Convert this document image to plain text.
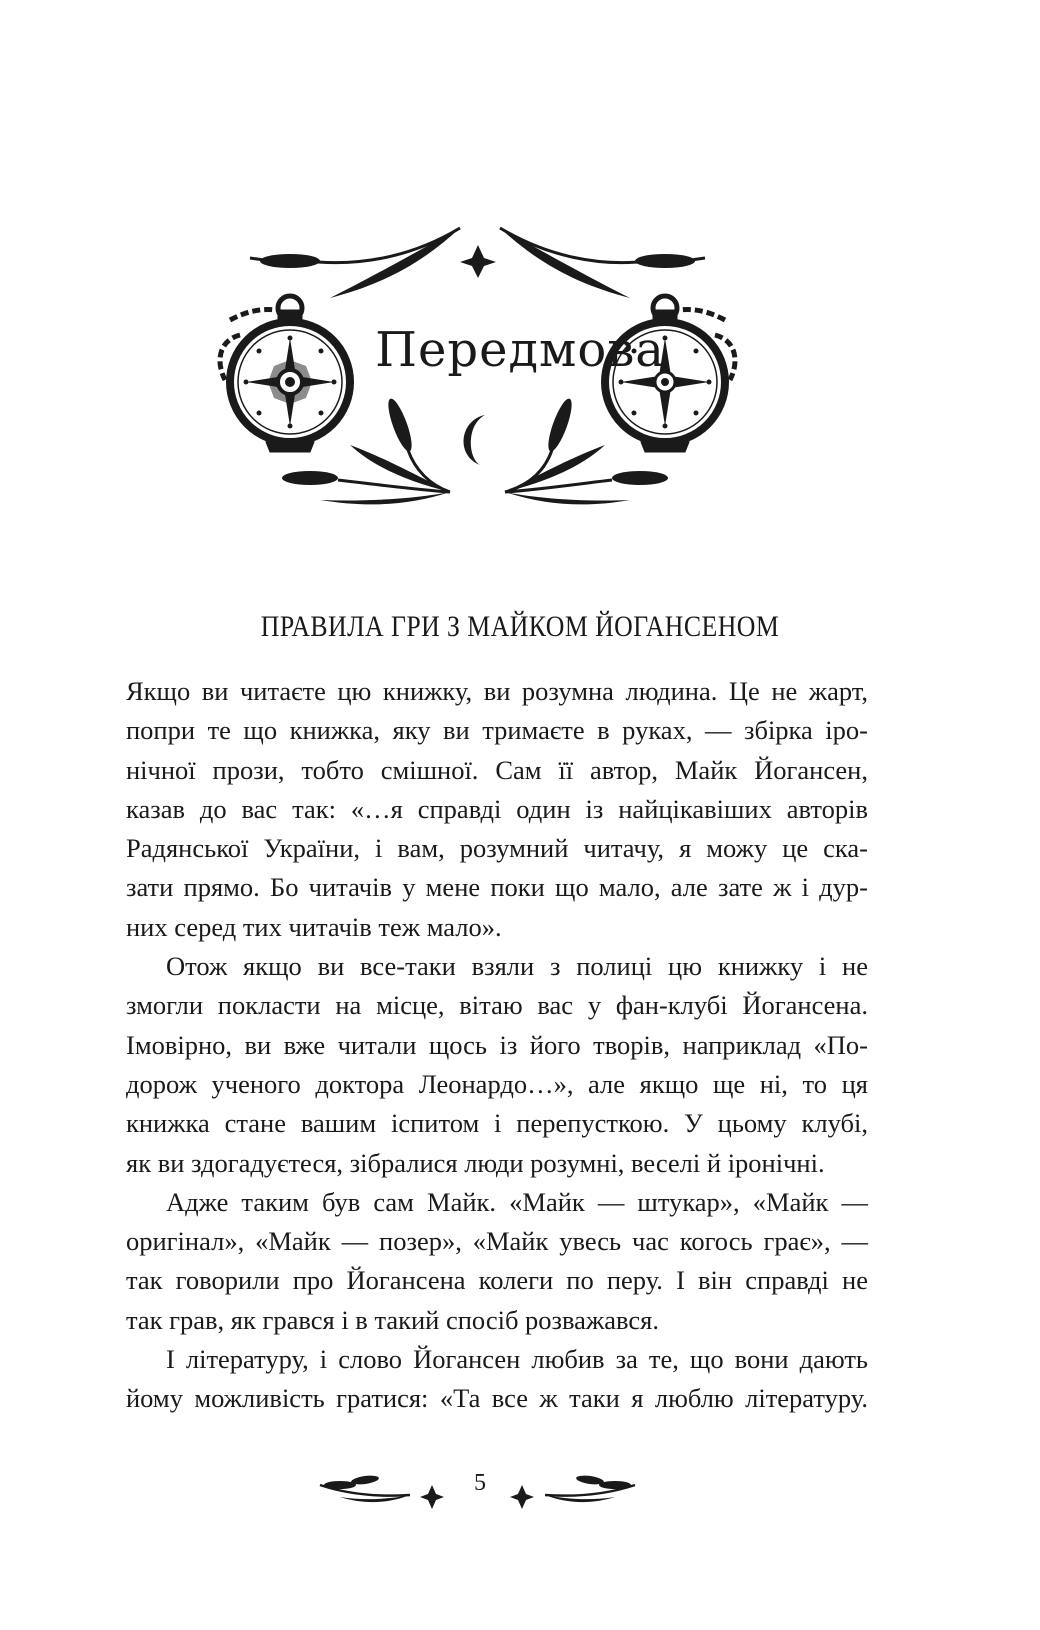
Передмова
ПРАВИЛА ГРИ З МАЙКОМ ЙОГАНСЕНОМ
Якщо ви читаєте цю книжку, ви розумна людина. Це не жарт,
попри те що книжка, яку ви тримаєте в руках, — збірка іро-
нічної прози, тобто смішної. Сам її автор, Майк Йогансен,
казав до вас так: «…я справді один із найцікавіших авторів
Радянської України, і вам, розумний читачу, я можу це ска-
зати прямо. Бо читачів у мене поки що мало, але зате ж і дур-
них серед тих читачів теж мало».
Отож якщо ви все-таки взяли з полиці цю книжку і не
змогли покласти на місце, вітаю вас у фан-клубі Йогансена.
Імовірно, ви вже читали щось із його творів, наприклад «По-
дорож ученого доктора Леонардо…», але якщо ще ні, то ця
книжка стане вашим іспитом і перепусткою. У цьому клубі,
як ви здогадуєтеся, зібралися люди розумні, веселі й іронічні.
Адже таким був сам Майк. «Майк — штукар», «Майк —
оригінал», «Майк — позер», «Майк увесь час когось грає», —
так говорили про Йогансена колеги по перу. І він справді не
так грав, як грався і в такий спосіб розважався.
І літературу, і слово Йогансен любив за те, що вони дають
йому можливість гратися: «Та все ж таки я люблю літературу.
5
